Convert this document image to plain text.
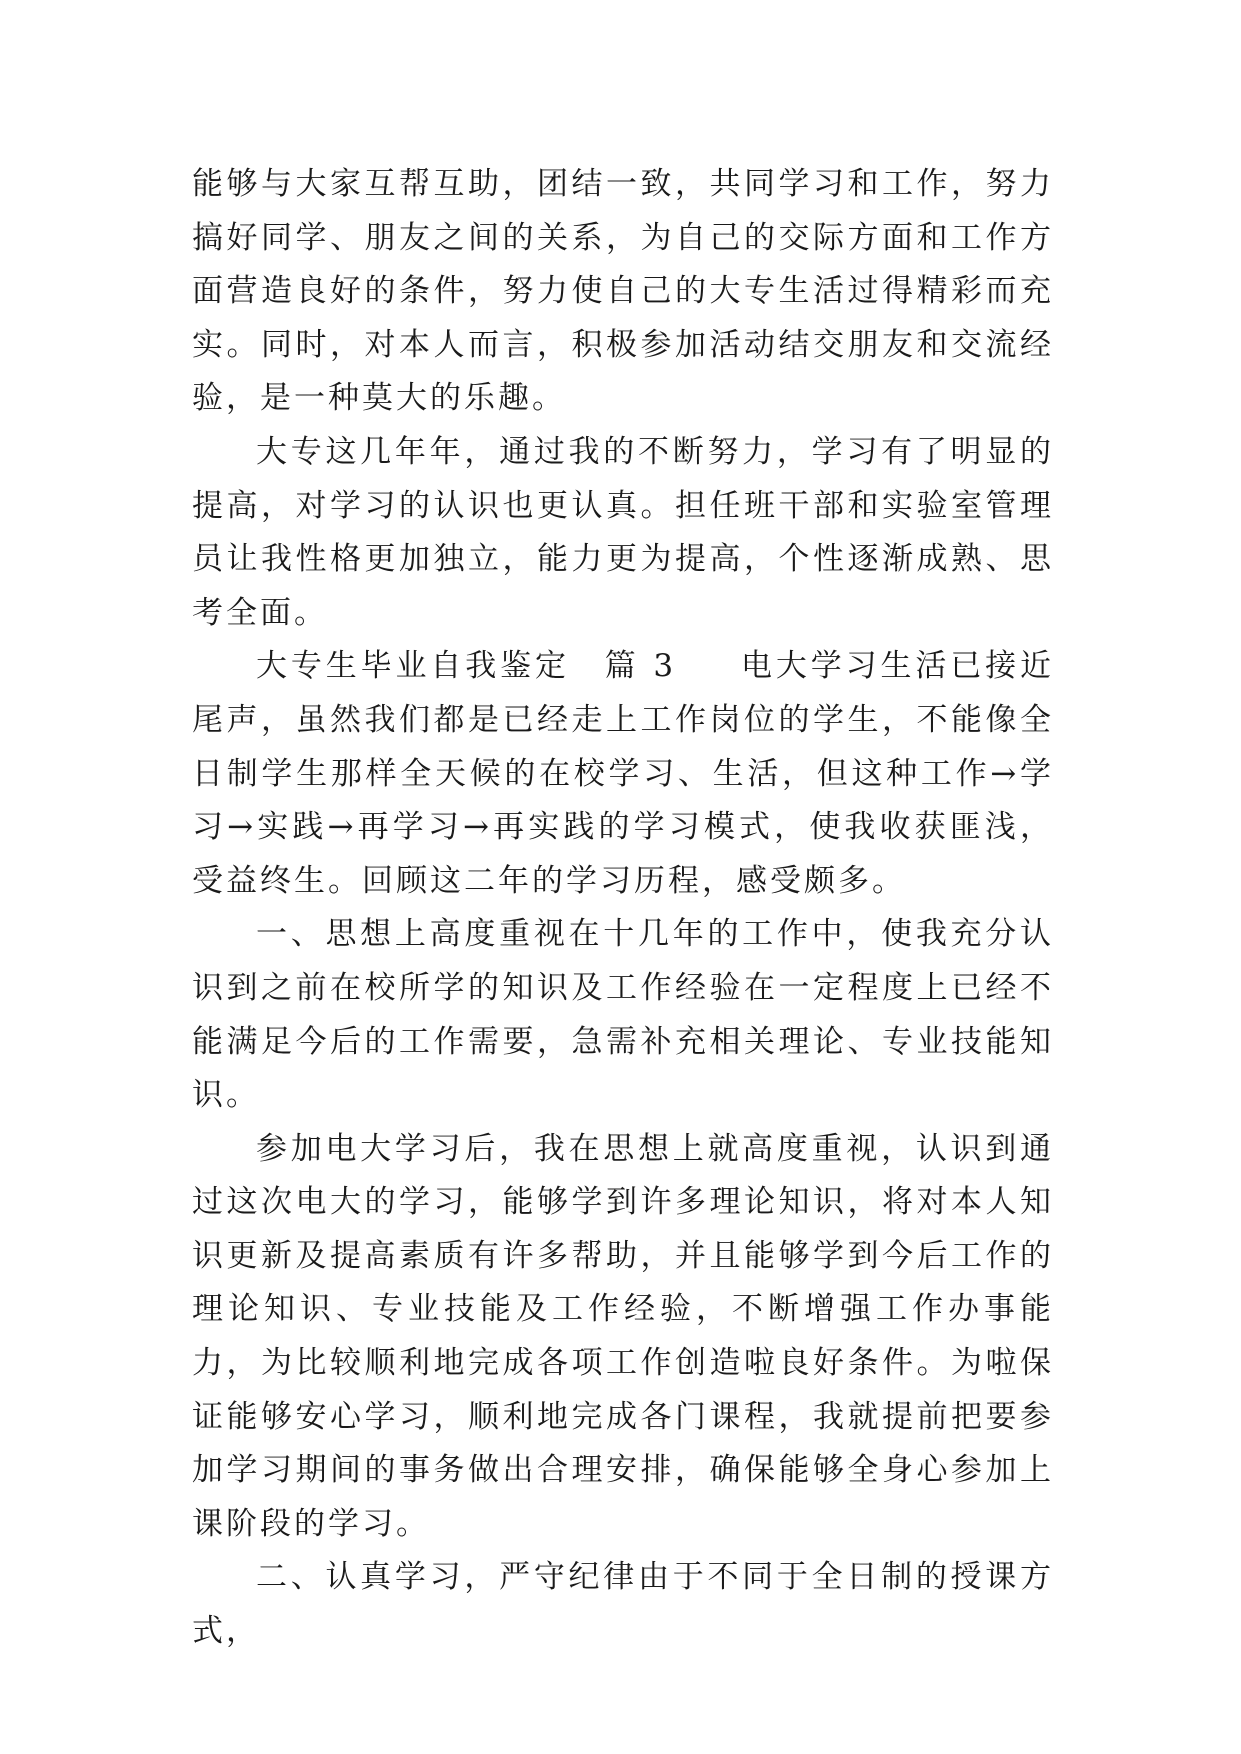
能够与大家互帮互助，团结一致，共同学习和工作，努力搞好同学、朋友之间的关系，为自己的交际方面和工作方面营造良好的条件，努力使自己的大专生活过得精彩而充实。同时，对本人而言，积极参加活动结交朋友和交流经验，是一种莫大的乐趣。

大专这几年年，通过我的不断努力，学习有了明显的提高，对学习的认识也更认真。担任班干部和实验室管理员让我性格更加独立，能力更为提高，个性逐渐成熟、思考全面。

大专生毕业自我鉴定　篇 3 电大学习生活已接近尾声，虽然我们都是已经走上工作岗位的学生，不能像全日制学生那样全天候的在校学习、生活，但这种工作→学习→实践→再学习→再实践的学习模式，使我收获匪浅，受益终生。回顾这二年的学习历程，感受颇多。

一、思想上高度重视在十几年的工作中，使我充分认识到之前在校所学的知识及工作经验在一定程度上已经不能满足今后的工作需要，急需补充相关理论、专业技能知识。

参加电大学习后，我在思想上就高度重视，认识到通过这次电大的学习，能够学到许多理论知识，将对本人知识更新及提高素质有许多帮助，并且能够学到今后工作的理论知识、专业技能及工作经验，不断增强工作办事能力，为比较顺利地完成各项工作创造啦良好条件。为啦保证能够安心学习，顺利地完成各门课程，我就提前把要参加学习期间的事务做出合理安排，确保能够全身心参加上课阶段的学习。

二、认真学习，严守纪律由于不同于全日制的授课方式，
